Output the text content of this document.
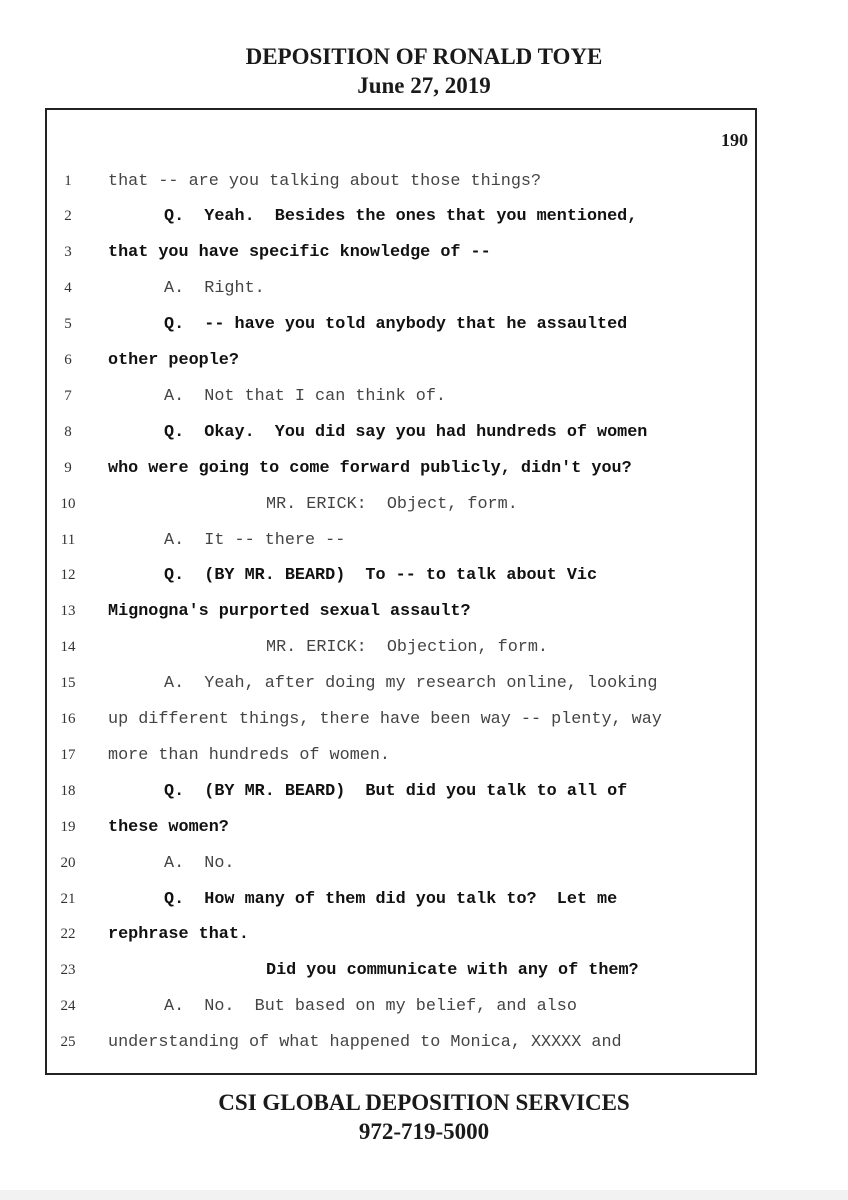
DEPOSITION OF RONALD TOYE
June 27, 2019
190
1	that -- are you talking about those things?
2	Q.  Yeah.  Besides the ones that you mentioned,
3	that you have specific knowledge of --
4	A.  Right.
5	Q.  -- have you told anybody that he assaulted
6	other people?
7	A.  Not that I can think of.
8	Q.  Okay.  You did say you had hundreds of women
9	who were going to come forward publicly, didn't you?
10	MR. ERICK:  Object, form.
11	A.  It -- there --
12	Q.  (BY MR. BEARD)  To -- to talk about Vic
13	Mignogna's purported sexual assault?
14	MR. ERICK:  Objection, form.
15	A.  Yeah, after doing my research online, looking
16	up different things, there have been way -- plenty, way
17	more than hundreds of women.
18	Q.  (BY MR. BEARD)  But did you talk to all of
19	these women?
20	A.  No.
21	Q.  How many of them did you talk to?  Let me
22	rephrase that.
23	Did you communicate with any of them?
24	A.  No.  But based on my belief, and also
25	understanding of what happened to Monica, XXXXX and
CSI GLOBAL DEPOSITION SERVICES
972-719-5000
